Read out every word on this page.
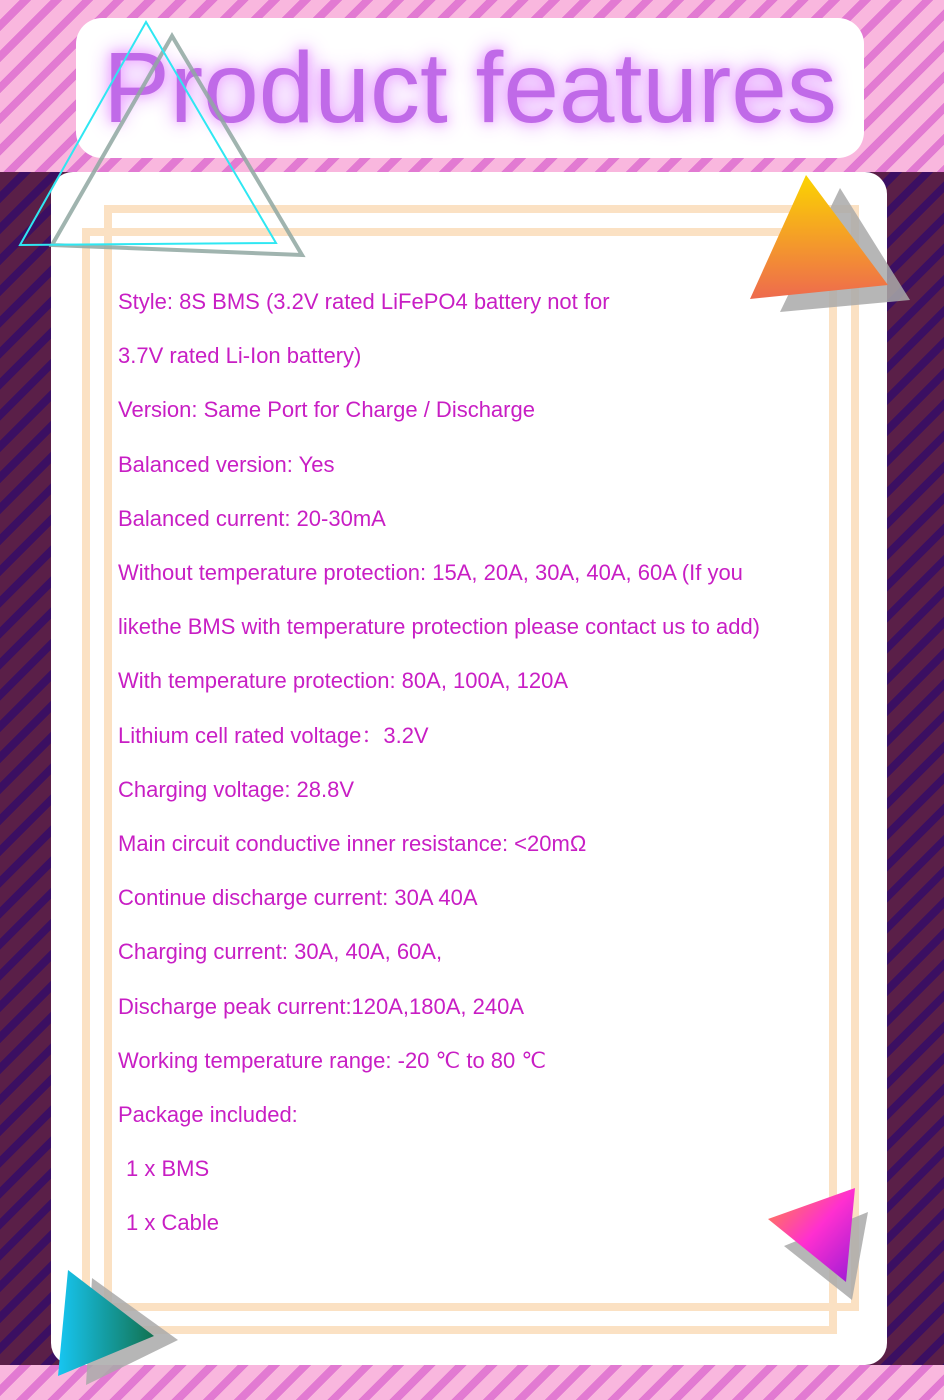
Product features
Style: 8S BMS (3.2V rated LiFePO4 battery not for
3.7V rated Li-Ion battery)
Version: Same Port for Charge / Discharge
Balanced version: Yes
Balanced current: 20-30mA
Without temperature protection: 15A, 20A, 30A, 40A, 60A (If you
likethe BMS with temperature protection please contact us to add)
With temperature protection: 80A, 100A, 120A
Lithium cell rated voltage：3.2V
Charging voltage: 28.8V
Main circuit conductive inner resistance: <20mΩ
Continue discharge current: 30A 40A
Charging current: 30A, 40A, 60A,
Discharge peak current:120A,180A, 240A
Working temperature range: -20 ℃ to 80 ℃
Package included:
1 x BMS
1 x Cable
